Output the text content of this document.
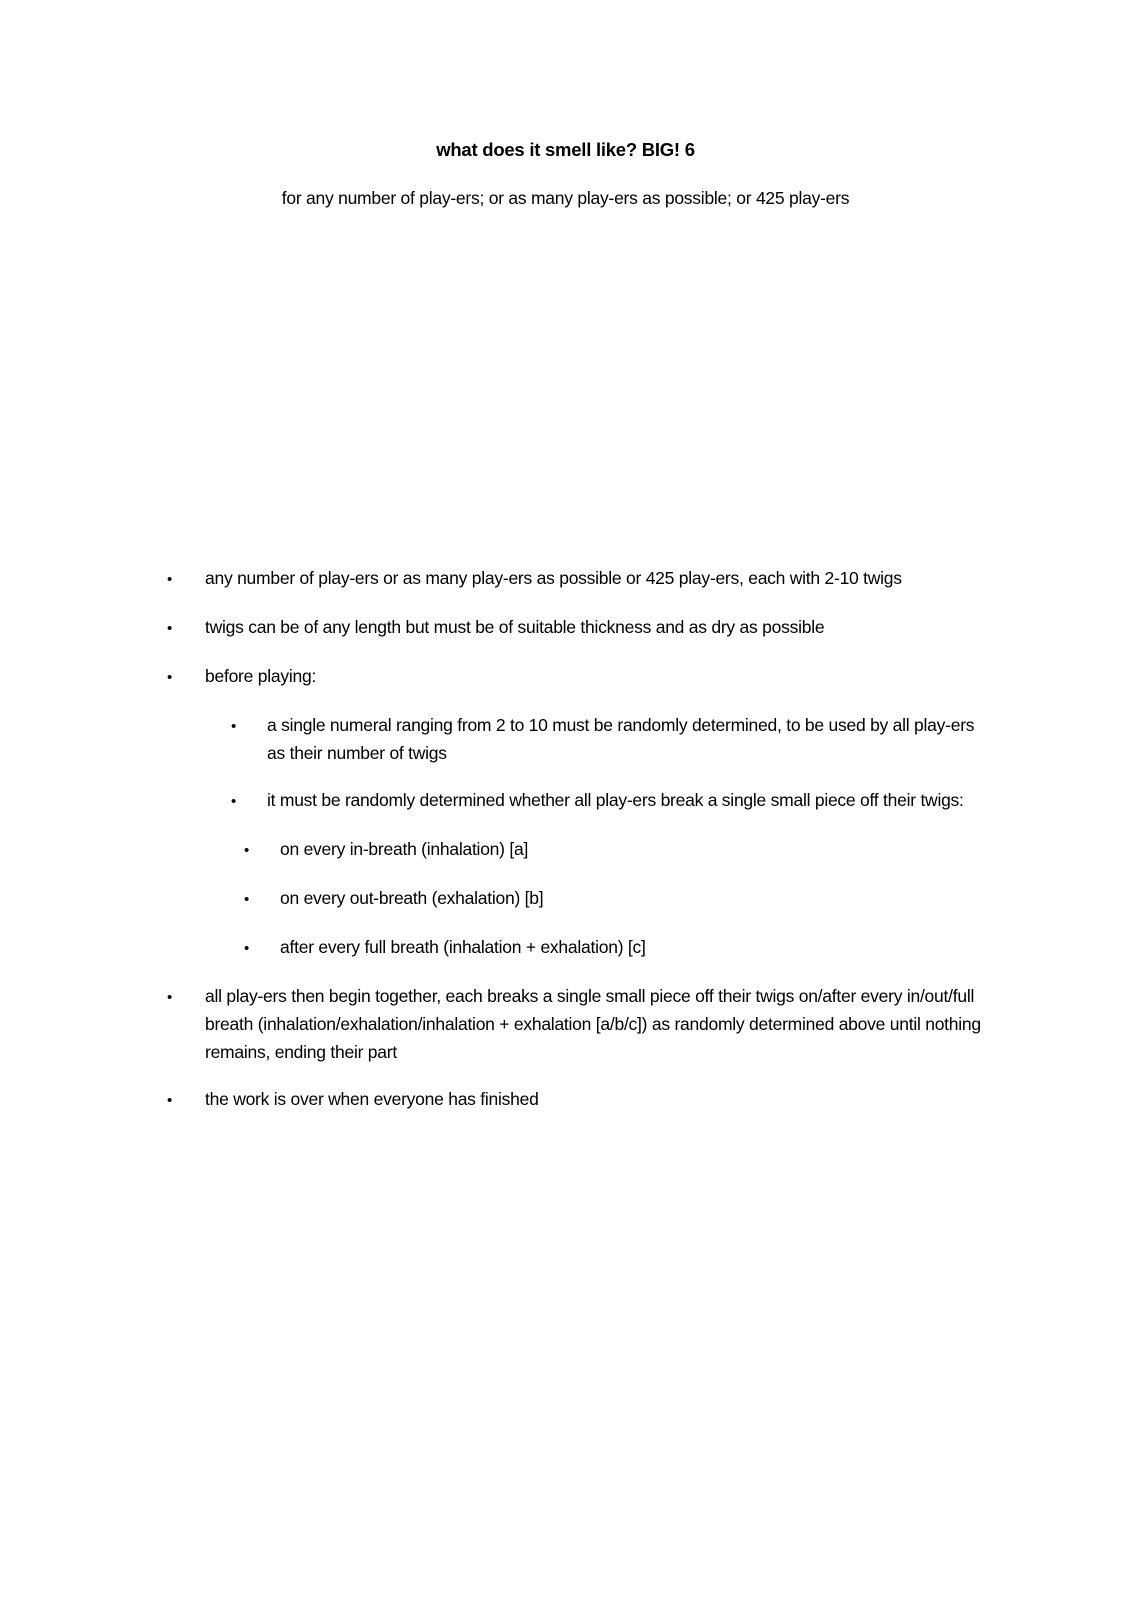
what does it smell like? BIG! 6

for any number of play-ers; or as many play-ers as possible; or 425 play-ers

•	any number of play-ers or as many play-ers as possible or 425 play-ers, each with 2-10 twigs
•	twigs can be of any length but must be of suitable thickness and as dry as possible
•	before playing:
•	a single numeral ranging from 2 to 10 must be randomly determined, to be used by all play-ers as their number of twigs
•	it must be randomly determined whether all play-ers break a single small piece off their twigs:
•	on every in-breath (inhalation) [a]
•	on every out-breath (exhalation) [b]
•	after every full breath (inhalation + exhalation) [c]
•	all play-ers then begin together, each breaks a single small piece off their twigs on/after every in/out/full breath (inhalation/exhalation/inhalation + exhalation [a/b/c]) as randomly determined above until nothing remains, ending their part
•	the work is over when everyone has finished
